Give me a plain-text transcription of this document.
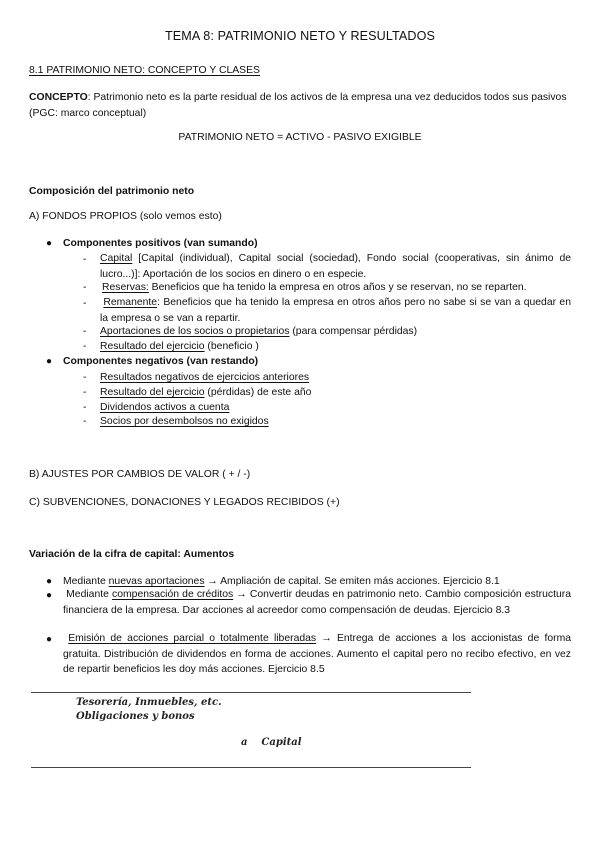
TEMA 8: PATRIMONIO NETO Y RESULTADOS
8.1 PATRIMONIO NETO: CONCEPTO Y CLASES
CONCEPTO: Patrimonio neto es la parte residual de los activos de la empresa una vez deducidos todos sus pasivos (PGC: marco conceptual)
PATRIMONIO NETO = ACTIVO - PASIVO EXIGIBLE
Composición del patrimonio neto
A) FONDOS PROPIOS (solo vemos esto)
● Componentes positivos (van sumando)
- Capital [Capital (individual), Capital social (sociedad), Fondo social (cooperativas, sin ánimo de lucro...)]: Aportación de los socios en dinero o en especie.
- Reservas: Beneficios que ha tenido la empresa en otros años y se reservan, no se reparten.
-	Remanente: Beneficios que ha tenido la empresa en otros años pero no sabe si se van a quedar en la empresa o se van a repartir.
- Aportaciones de los socios o propietarios (para compensar pérdidas)
- Resultado del ejercicio (beneficio )
● Componentes negativos (van restando)
- Resultados negativos de ejercicios anteriores
- Resultado del ejercicio (pérdidas) de este año
- Dividendos activos a cuenta
- Socios por desembolsos no exigidos
B) AJUSTES POR CAMBIOS DE VALOR ( + / -)
C) SUBVENCIONES, DONACIONES Y LEGADOS RECIBIDOS (+)
Variación de la cifra de capital: Aumentos
● Mediante nuevas aportaciones → Ampliación de capital. Se emiten más acciones. Ejercicio 8.1
●	Mediante compensación de créditos → Convertir deudas en patrimonio neto. Cambio composición estructura financiera de la empresa. Dar acciones al acreedor como compensación de deudas. Ejercicio 8.3
●	Emisión de acciones parcial o totalmente liberadas → Entrega de acciones a los accionistas de forma gratuita. Distribución de dividendos en forma de acciones. Aumento el capital pero no recibo efectivo, en vez de repartir beneficios les doy más acciones. Ejercicio 8.5
Tesorería, Inmuebles, etc.
Obligaciones y bonos
a    Capital
